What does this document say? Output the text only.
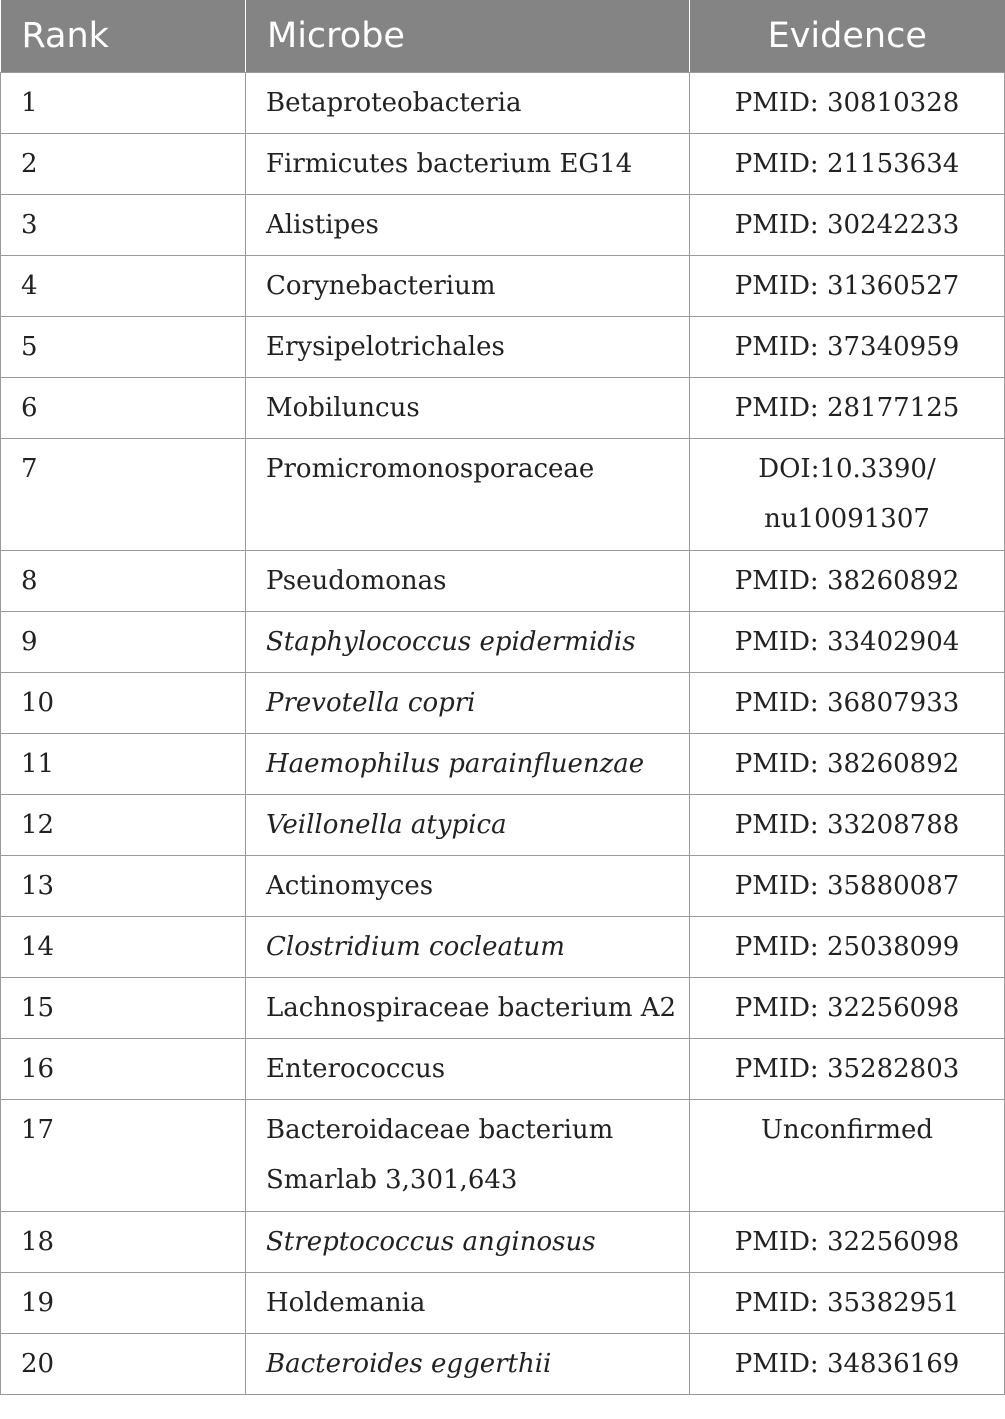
Rank	Microbe	Evidence
1	Betaproteobacteria	PMID: 30810328
2	Firmicutes bacterium EG14	PMID: 21153634
3	Alistipes	PMID: 30242233
4	Corynebacterium	PMID: 31360527
5	Erysipelotrichales	PMID: 37340959
6	Mobiluncus	PMID: 28177125
7	Promicromonosporaceae	DOI:10.3390/ nu10091307
8	Pseudomonas	PMID: 38260892
9	Staphylococcus epidermidis	PMID: 33402904
10	Prevotella copri	PMID: 36807933
11	Haemophilus parainfluenzae	PMID: 38260892
12	Veillonella atypica	PMID: 33208788
13	Actinomyces	PMID: 35880087
14	Clostridium cocleatum	PMID: 25038099
15	Lachnospiraceae bacterium A2	PMID: 32256098
16	Enterococcus	PMID: 35282803
17	Bacteroidaceae bacterium Smarlab 3,301,643	Unconfirmed
18	Streptococcus anginosus	PMID: 32256098
19	Holdemania	PMID: 35382951
20	Bacteroides eggerthii	PMID: 34836169
